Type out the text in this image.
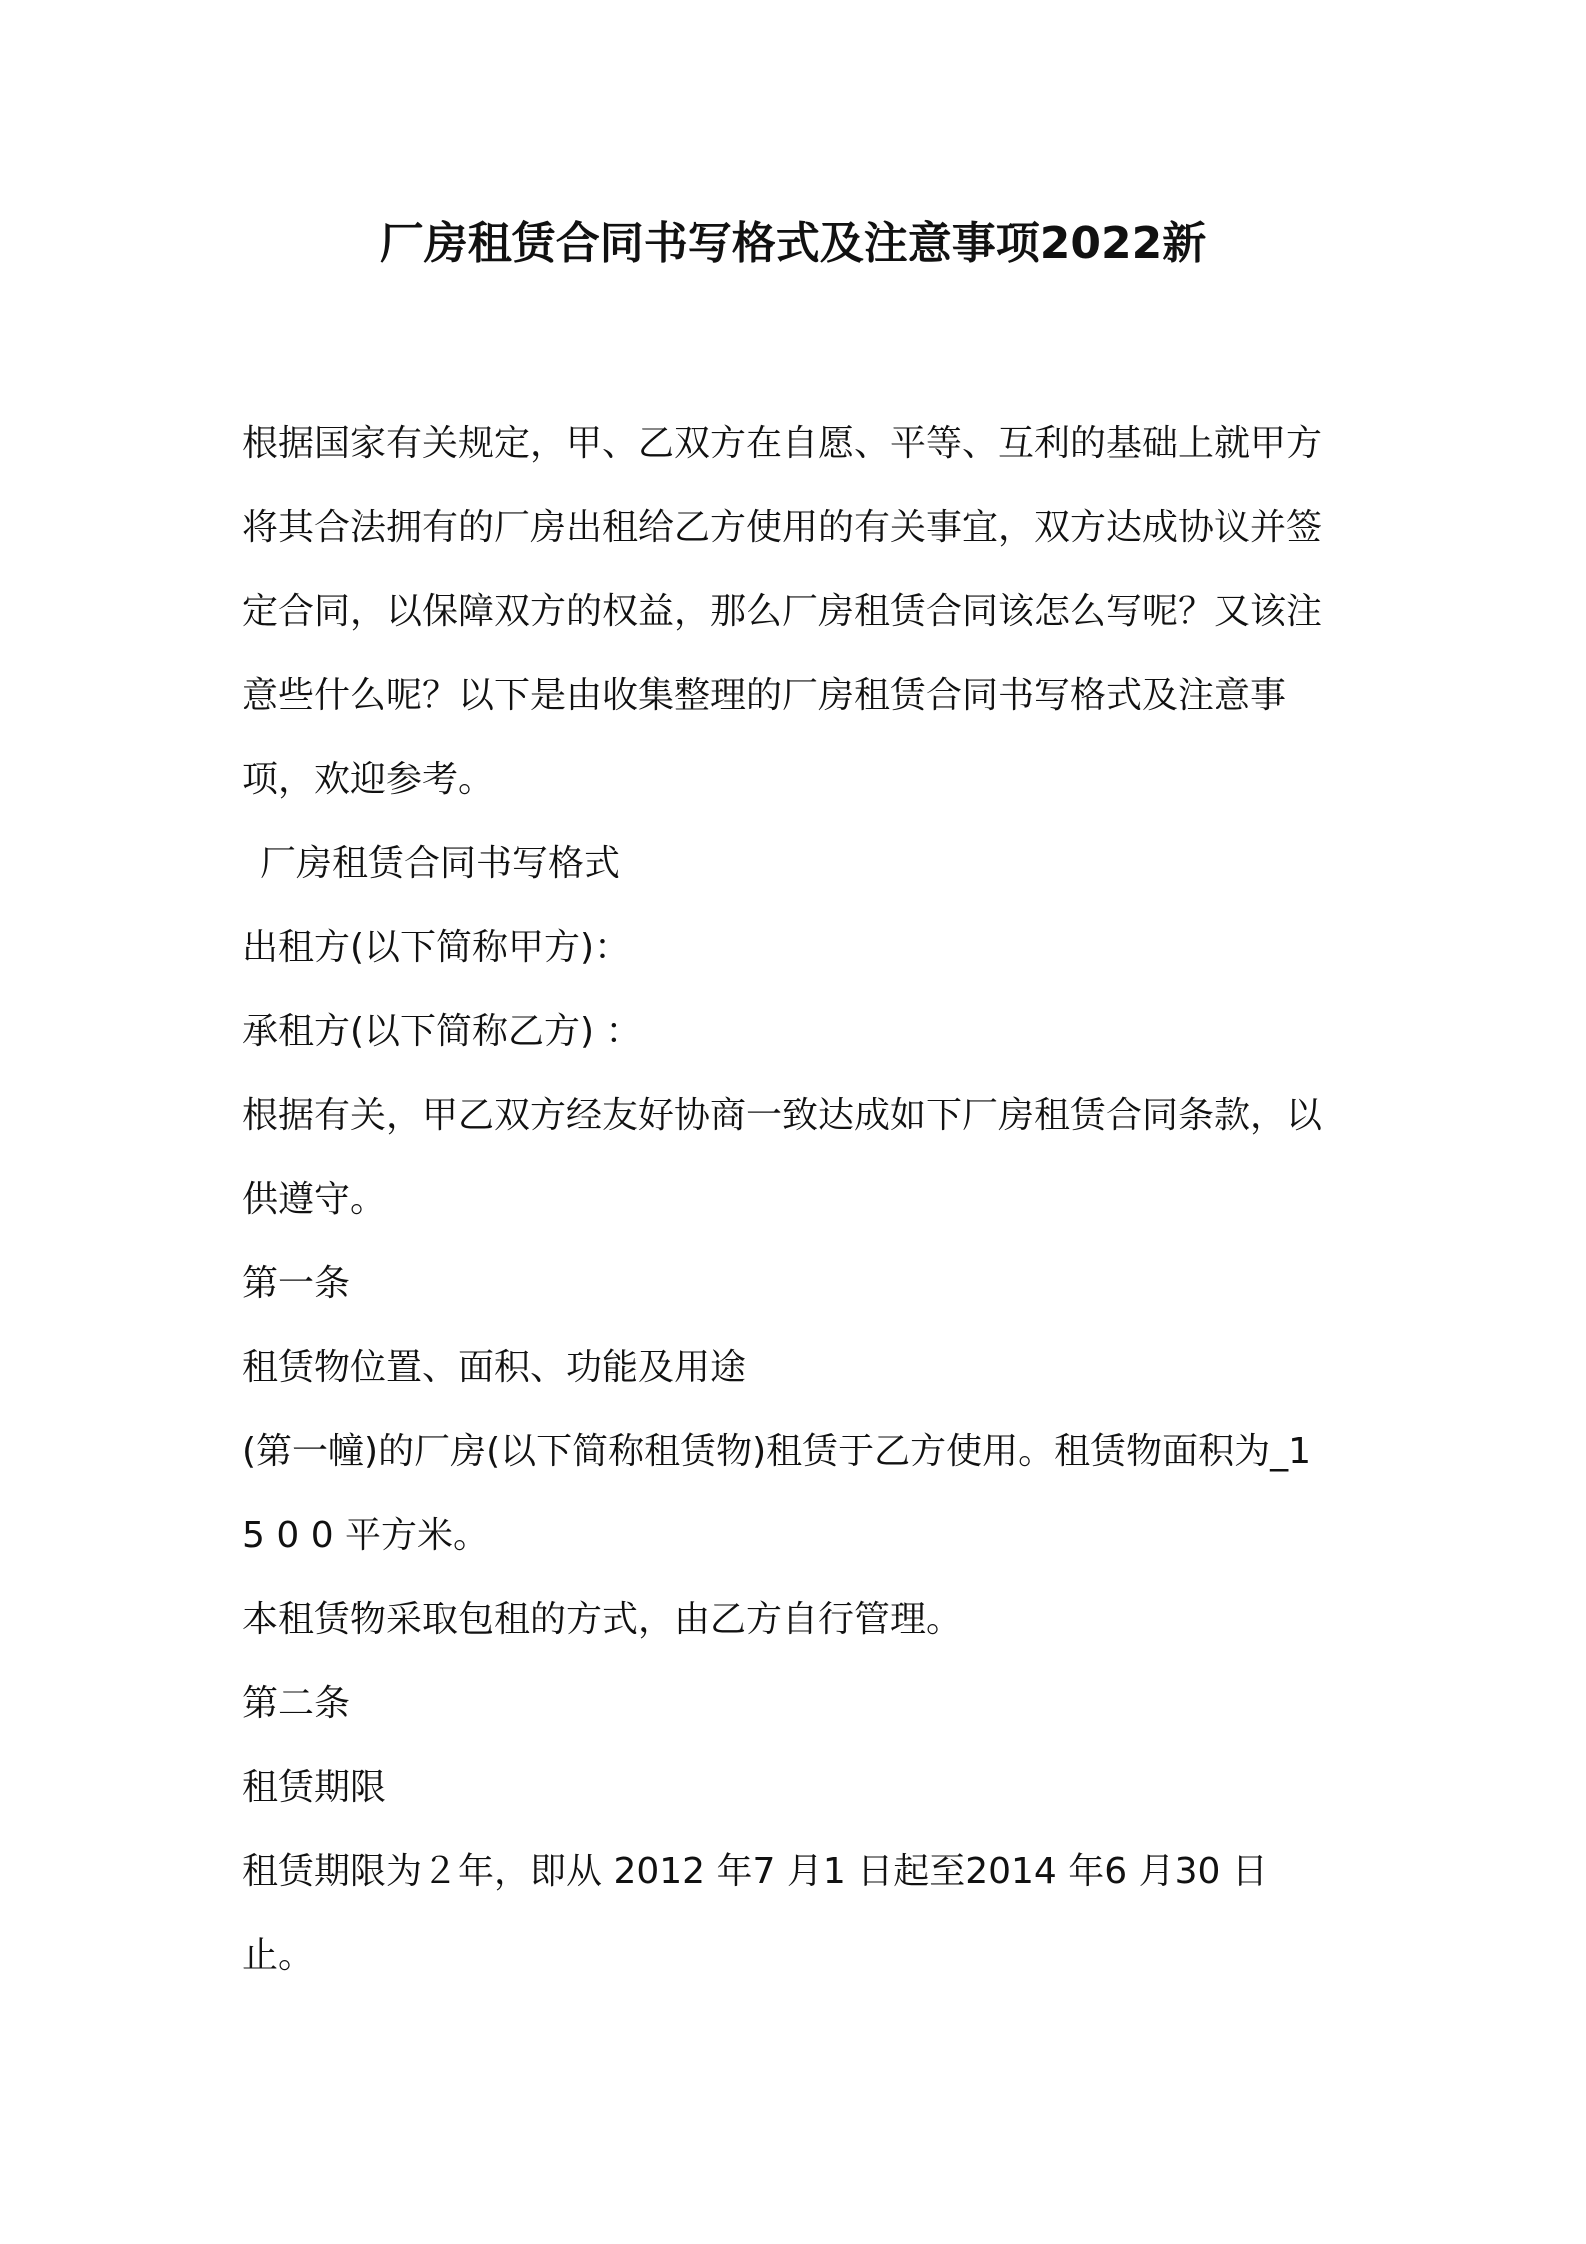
厂房租赁合同书写格式及注意事项2022新
根据国家有关规定，甲、乙双方在自愿、平等、互利的基础上就甲方
将其合法拥有的厂房出租给乙方使用的有关事宜，双方达成协议并签
定合同，以保障双方的权益，那么厂房租赁合同该怎么写呢？又该注
意些什么呢？以下是由收集整理的厂房租赁合同书写格式及注意事
项，欢迎参考。
厂房租赁合同书写格式
出租方(以下简称甲方)：
承租方(以下简称乙方) ：
根据有关，甲乙双方经友好协商一致达成如下厂房租赁合同条款，以
供遵守。
第一条
租赁物位置、面积、功能及用途
(第一幢)的厂房(以下简称租赁物)租赁于乙方使用。租赁物面积为_1
5 0 0 平方米。
本租赁物采取包租的方式，由乙方自行管理。
第二条
租赁期限
租赁期限为２年，即从 2012 年7 月1 日起至2014 年6 月30 日
止。
